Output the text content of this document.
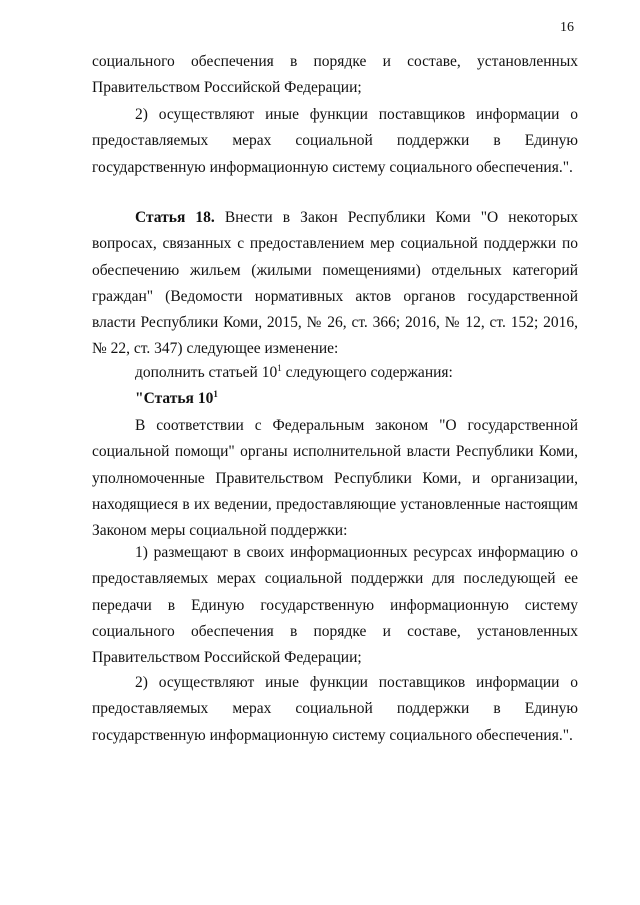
16

социального обеспечения в порядке и составе, установленных Правительством Российской Федерации;

2) осуществляют иные функции поставщиков информации о предоставляемых мерах социальной поддержки в Единую государственную информационную систему социального обеспечения.".

Статья 18. Внести в Закон Республики Коми "О некоторых вопросах, связанных с предоставлением мер социальной поддержки по обеспечению жильем (жилыми помещениями) отдельных категорий граждан" (Ведомости нормативных актов органов государственной власти Республики Коми, 2015, № 26, ст. 366; 2016, № 12, ст. 152; 2016, № 22, ст. 347) следующее изменение:

дополнить статьей $10^1$ следующего содержания:

"Статья $10^1$

В соответствии с Федеральным законом "О государственной социальной помощи" органы исполнительной власти Республики Коми, уполномоченные Правительством Республики Коми, и организации, находящиеся в их ведении, предоставляющие установленные настоящим Законом меры социальной поддержки:

1) размещают в своих информационных ресурсах информацию о предоставляемых мерах социальной поддержки для последующей ее передачи в Единую государственную информационную систему социального обеспечения в порядке и составе, установленных Правительством Российской Федерации;

2) осуществляют иные функции поставщиков информации о предоставляемых мерах социальной поддержки в Единую государственную информационную систему социального обеспечения.".
